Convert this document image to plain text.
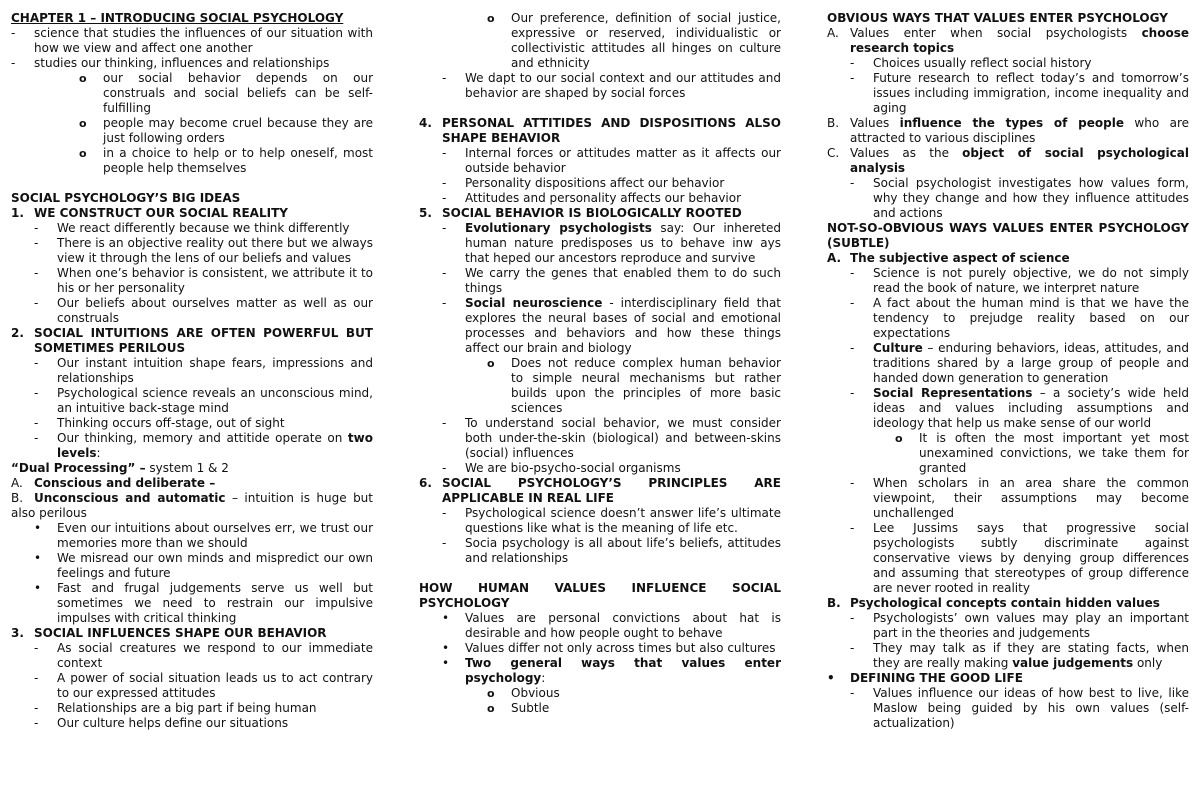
CHAPTER 1 – INTRODUCING SOCIAL PSYCHOLOGY
- science that studies the influences of our situation with how we view and affect one another
- studies our thinking, influences and relationships
o our social behavior depends on our construals and social beliefs can be self-fulfilling
o people may become cruel because they are just following orders
o in a choice to help or to help oneself, most people help themselves
SOCIAL PSYCHOLOGY’S BIG IDEAS
1. WE CONSTRUCT OUR SOCIAL REALITY
- We react differently because we think differently
- There is an objective reality out there but we always view it through the lens of our beliefs and values
- When one’s behavior is consistent, we attribute it to his or her personality
- Our beliefs about ourselves matter as well as our construals
2. SOCIAL INTUITIONS ARE OFTEN POWERFUL BUT SOMETIMES PERILOUS
- Our instant intuition shape fears, impressions and relationships
- Psychological science reveals an unconscious mind, an intuitive back-stage mind
- Thinking occurs off-stage, out of sight
- Our thinking, memory and attitide operate on two levels:
“Dual Processing” – system 1 & 2
A. Conscious and deliberate –
B. Unconscious and automatic – intuition is huge but also perilous
• Even our intuitions about ourselves err, we trust our memories more than we should
• We misread our own minds and mispredict our own feelings and future
• Fast and frugal judgements serve us well but sometimes we need to restrain our impulsive impulses with critical thinking
3. SOCIAL INFLUENCES SHAPE OUR BEHAVIOR
- As social creatures we respond to our immediate context
- A power of social situation leads us to act contrary to our expressed attitudes
- Relationships are a big part if being human
- Our culture helps define our situations
o Our preference, definition of social justice, expressive or reserved, individualistic or collectivistic attitudes all hinges on culture and ethnicity
- We dapt to our social context and our attitudes and behavior are shaped by social forces
4. PERSONAL ATTITIDES AND DISPOSITIONS ALSO SHAPE BEHAVIOR
- Internal forces or attitudes matter as it affects our outside behavior
- Personality dispositions affect our behavior
- Attitudes and personality affects our behavior
5. SOCIAL BEHAVIOR IS BIOLOGICALLY ROOTED
- Evolutionary psychologists say: Our inhereted human nature predisposes us to behave inw ays that heped our ancestors reproduce and survive
- We carry the genes that enabled them to do such things
- Social neuroscience - interdisciplinary field that explores the neural bases of social and emotional processes and behaviors and how these things affect our brain and biology
o Does not reduce complex human behavior to simple neural mechanisms but rather builds upon the principles of more basic sciences
- To understand social behavior, we must consider both under-the-skin (biological) and between-skins (social) influences
- We are bio-psycho-social organisms
6. SOCIAL PSYCHOLOGY’S PRINCIPLES ARE APPLICABLE IN REAL LIFE
- Psychological science doesn’t answer life’s ultimate questions like what is the meaning of life etc.
- Socia psychology is all about life’s beliefs, attitudes and relationships
HOW HUMAN VALUES INFLUENCE SOCIAL PSYCHOLOGY
• Values are personal convictions about hat is desirable and how people ought to behave
• Values differ not only across times but also cultures
• Two general ways that values enter psychology:
o Obvious
o Subtle
OBVIOUS WAYS THAT VALUES ENTER PSYCHOLOGY
A. Values enter when social psychologists choose research topics
- Choices usually reflect social history
- Future research to reflect today’s and tomorrow’s issues including immigration, income inequality and aging
B. Values influence the types of people who are attracted to various disciplines
C. Values as the object of social psychological analysis
- Social psychologist investigates how values form, why they change and how they influence attitudes and actions
NOT-SO-OBVIOUS WAYS VALUES ENTER PSYCHOLOGY (SUBTLE)
A. The subjective aspect of science
- Science is not purely objective, we do not simply read the book of nature, we interpret nature
- A fact about the human mind is that we have the tendency to prejudge reality based on our expectations
- Culture – enduring behaviors, ideas, attitudes, and traditions shared by a large group of people and handed down generation to generation
- Social Representations – a society’s wide held ideas and values including assumptions and ideology that help us make sense of our world
o It is often the most important yet most unexamined convictions, we take them for granted
- When scholars in an area share the common viewpoint, their assumptions may become unchallenged
- Lee Jussims says that progressive social psychologists subtly discriminate against conservative views by denying group differences and assuming that stereotypes of group difference are never rooted in reality
B. Psychological concepts contain hidden values
- Psychologists’ own values may play an important part in the theories and judgements
- They may talk as if they are stating facts, when they are really making value judgements only
• DEFINING THE GOOD LIFE
- Values influence our ideas of how best to live, like Maslow being guided by his own values (self-actualization)
